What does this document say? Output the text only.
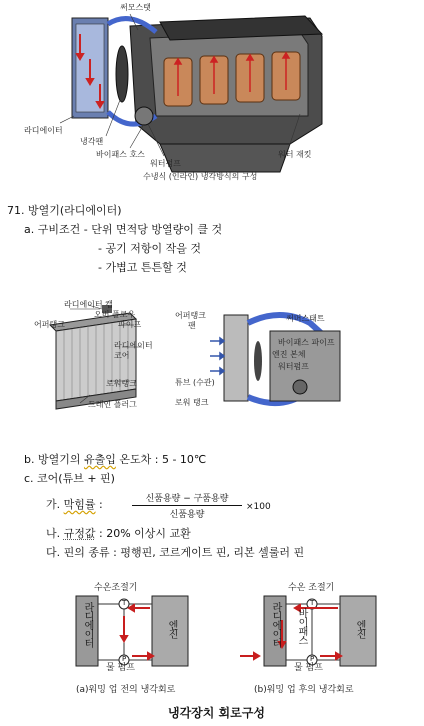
써모스탯
라디에이터
냉각팬
바이패스 호스
워터펌프
워터 재킷
수냉식 (인라인) 냉각방식의 구성
71. 방열기(라디에이터)
a. 구비조건 - 단위 면적당 방열량이 클 것
- 공기 저항이 작을 것
- 가볍고 튼튼할 것
라디에이터 캡
오버 플로우
파이프
어퍼탱크
라디에이터
코어
로워탱크
드레인 플러그
어퍼탱크
팬
써머스태트
바이패스 파이프
엔진 본체
워터펌프
튜브 (수관)
로워 탱크
b. 방열기의 유출입 온도차 : 5 - 10℃
c. 코어(튜브 + 핀)
가. 막힘률 :	신품용량 − 구품용량
신품용량
×100
나. 규정값 : 20% 이상시 교환
다. 핀의 종류 : 평행핀, 코르게이트 핀, 리본 셀룰러 핀
수온조절기
라디에이터	엔진
T
P
물 펌프
(a)워밍 업 전의 냉각회로
수온 조절기
라디에이터 바이패스	엔진
T
P
물 펌프
(b)워밍 업 후의 냉각회로
냉각장치 회로구성
